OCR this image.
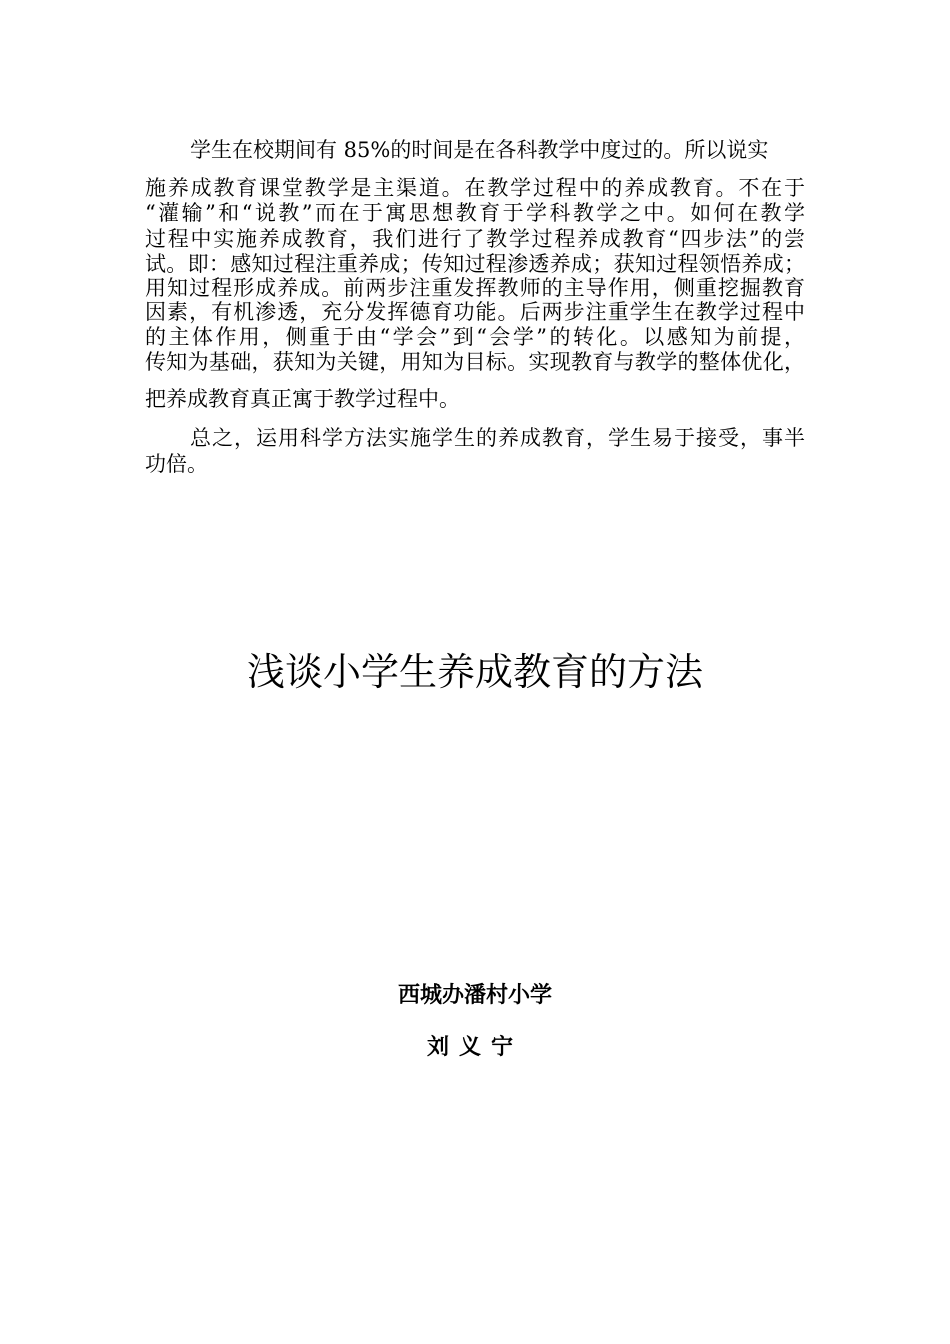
学生在校期间有 85%的时间是在各科教学中度过的。所以说实
施养成教育课堂教学是主渠道。在教学过程中的养成教育。不在于
“灌输”和“说教”而在于寓思想教育于学科教学之中。如何在教学
过程中实施养成教育，我们进行了教学过程养成教育“四步法”的尝
试。即：感知过程注重养成；传知过程渗透养成；获知过程领悟养成；
用知过程形成养成。前两步注重发挥教师的主导作用，侧重挖掘教育
因素，有机渗透，充分发挥德育功能。后两步注重学生在教学过程中
的主体作用，侧重于由“学会”到“会学”的转化。以感知为前提，
传知为基础，获知为关键，用知为目标。实现教育与教学的整体优化，
把养成教育真正寓于教学过程中。
总之，运用科学方法实施学生的养成教育，学生易于接受，事半
功倍。
浅谈小学生养成教育的方法
西城办潘村小学
刘义宁
